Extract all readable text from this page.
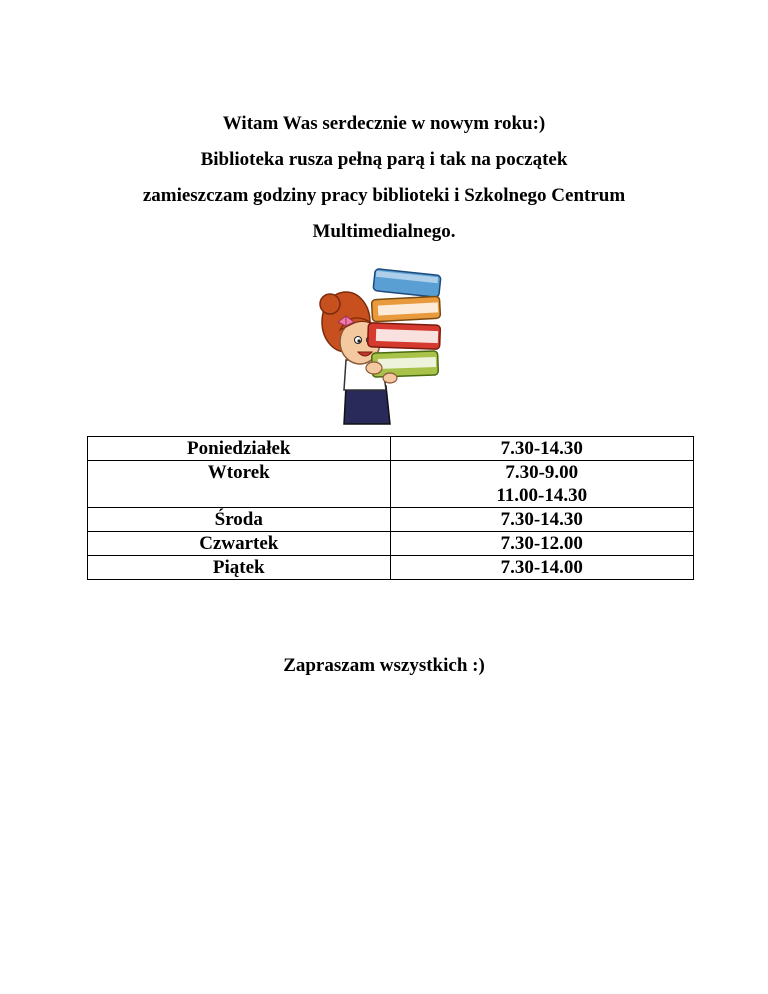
Witam Was serdecznie w nowym roku:)
Biblioteka rusza pełną parą i tak na początek
zamieszczam godziny pracy biblioteki i Szkolnego Centrum
Multimedialnego.
Poniedziałek	7.30-14.30

Wtorek	7.30-9.00
11.00-14.30

Środa	7.30-14.30

Czwartek	7.30-12.00

Piątek	7.30-14.00
Zapraszam wszystkich :)
